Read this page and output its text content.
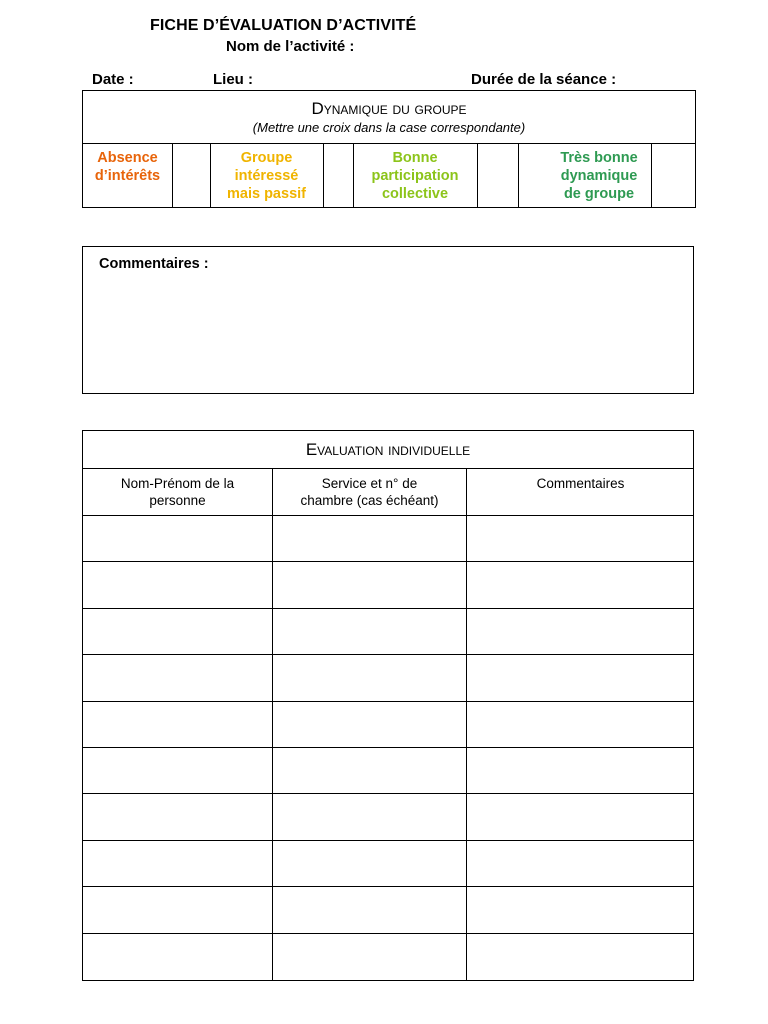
FICHE D’ÉVALUATION D’ACTIVITÉ
Nom de l’activité :
Date :	Lieu :	Durée de la séance :
Dynamique du groupe
(Mettre une croix dans la case correspondante)
Absence
d’intérêts
Groupe
intéressé
mais passif
Bonne
participation
collective
Très bonne
dynamique
de groupe
Commentaires :
Evaluation individuelle
Nom-Prénom de la
personne
Service et n° de
chambre (cas échéant)
Commentaires
